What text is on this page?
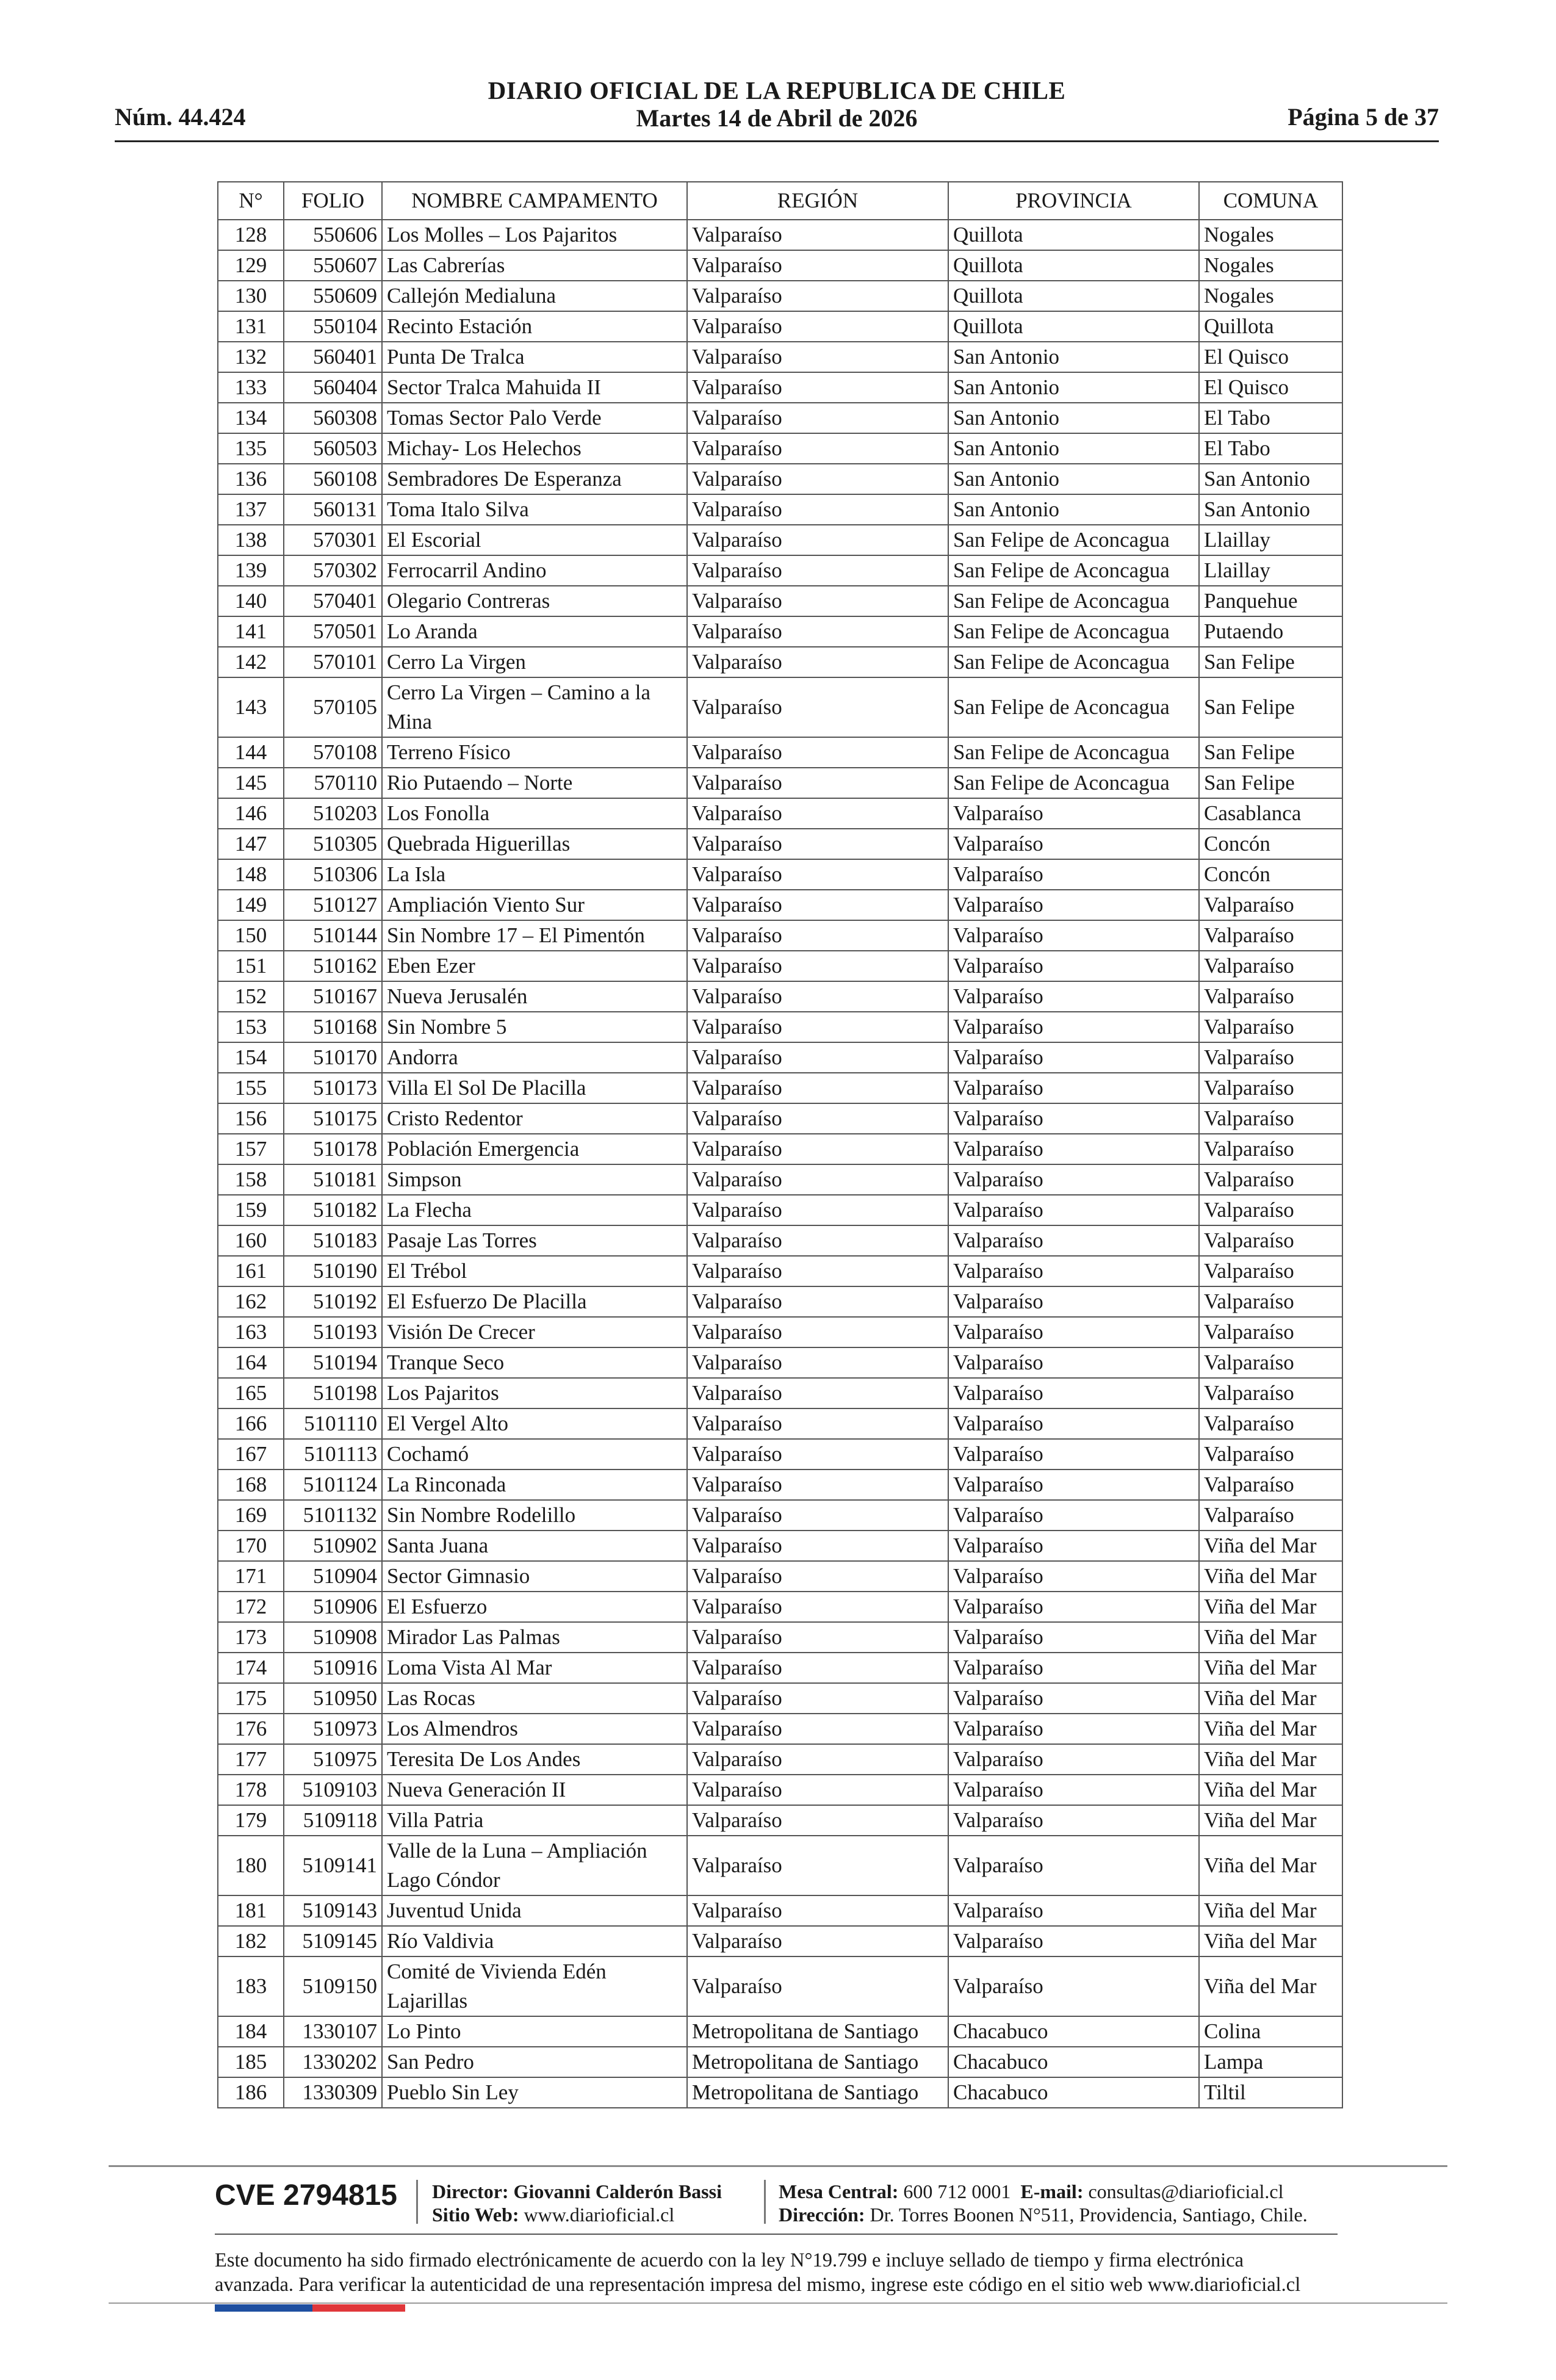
Núm. 44.424
DIARIO OFICIAL DE LA REPUBLICA DE CHILE
Martes 14 de Abril de 2026	Página 5 de 37
N°	FOLIO	NOMBRE CAMPAMENTO	REGIÓN	PROVINCIA	COMUNA
128	550606	Los Molles – Los Pajaritos	Valparaíso	Quillota	Nogales
129	550607	Las Cabrerías	Valparaíso	Quillota	Nogales
130	550609	Callejón Medialuna	Valparaíso	Quillota	Nogales
131	550104	Recinto Estación	Valparaíso	Quillota	Quillota
132	560401	Punta De Tralca	Valparaíso	San Antonio	El Quisco
133	560404	Sector Tralca Mahuida II	Valparaíso	San Antonio	El Quisco
134	560308	Tomas Sector Palo Verde	Valparaíso	San Antonio	El Tabo
135	560503	Michay- Los Helechos	Valparaíso	San Antonio	El Tabo
136	560108	Sembradores De Esperanza	Valparaíso	San Antonio	San Antonio
137	560131	Toma Italo Silva	Valparaíso	San Antonio	San Antonio
138	570301	El Escorial	Valparaíso	San Felipe de Aconcagua	Llaillay
139	570302	Ferrocarril Andino	Valparaíso	San Felipe de Aconcagua	Llaillay
140	570401	Olegario Contreras	Valparaíso	San Felipe de Aconcagua	Panquehue
141	570501	Lo Aranda	Valparaíso	San Felipe de Aconcagua	Putaendo
142	570101	Cerro La Virgen	Valparaíso	San Felipe de Aconcagua	San Felipe
143	570105	Cerro La Virgen – Camino a la Mina	Valparaíso	San Felipe de Aconcagua	San Felipe
144	570108	Terreno Físico	Valparaíso	San Felipe de Aconcagua	San Felipe
145	570110	Rio Putaendo – Norte	Valparaíso	San Felipe de Aconcagua	San Felipe
146	510203	Los Fonolla	Valparaíso	Valparaíso	Casablanca
147	510305	Quebrada Higuerillas	Valparaíso	Valparaíso	Concón
148	510306	La Isla	Valparaíso	Valparaíso	Concón
149	510127	Ampliación Viento Sur	Valparaíso	Valparaíso	Valparaíso
150	510144	Sin Nombre 17 – El Pimentón	Valparaíso	Valparaíso	Valparaíso
151	510162	Eben Ezer	Valparaíso	Valparaíso	Valparaíso
152	510167	Nueva Jerusalén	Valparaíso	Valparaíso	Valparaíso
153	510168	Sin Nombre 5	Valparaíso	Valparaíso	Valparaíso
154	510170	Andorra	Valparaíso	Valparaíso	Valparaíso
155	510173	Villa El Sol De Placilla	Valparaíso	Valparaíso	Valparaíso
156	510175	Cristo Redentor	Valparaíso	Valparaíso	Valparaíso
157	510178	Población Emergencia	Valparaíso	Valparaíso	Valparaíso
158	510181	Simpson	Valparaíso	Valparaíso	Valparaíso
159	510182	La Flecha	Valparaíso	Valparaíso	Valparaíso
160	510183	Pasaje Las Torres	Valparaíso	Valparaíso	Valparaíso
161	510190	El Trébol	Valparaíso	Valparaíso	Valparaíso
162	510192	El Esfuerzo De Placilla	Valparaíso	Valparaíso	Valparaíso
163	510193	Visión De Crecer	Valparaíso	Valparaíso	Valparaíso
164	510194	Tranque Seco	Valparaíso	Valparaíso	Valparaíso
165	510198	Los Pajaritos	Valparaíso	Valparaíso	Valparaíso
166	5101110	El Vergel Alto	Valparaíso	Valparaíso	Valparaíso
167	5101113	Cochamó	Valparaíso	Valparaíso	Valparaíso
168	5101124	La Rinconada	Valparaíso	Valparaíso	Valparaíso
169	5101132	Sin Nombre Rodelillo	Valparaíso	Valparaíso	Valparaíso
170	510902	Santa Juana	Valparaíso	Valparaíso	Viña del Mar
171	510904	Sector Gimnasio	Valparaíso	Valparaíso	Viña del Mar
172	510906	El Esfuerzo	Valparaíso	Valparaíso	Viña del Mar
173	510908	Mirador Las Palmas	Valparaíso	Valparaíso	Viña del Mar
174	510916	Loma Vista Al Mar	Valparaíso	Valparaíso	Viña del Mar
175	510950	Las Rocas	Valparaíso	Valparaíso	Viña del Mar
176	510973	Los Almendros	Valparaíso	Valparaíso	Viña del Mar
177	510975	Teresita De Los Andes	Valparaíso	Valparaíso	Viña del Mar
178	5109103	Nueva Generación II	Valparaíso	Valparaíso	Viña del Mar
179	5109118	Villa Patria	Valparaíso	Valparaíso	Viña del Mar
180	5109141	Valle de la Luna – Ampliación Lago Cóndor	Valparaíso	Valparaíso	Viña del Mar
181	5109143	Juventud Unida	Valparaíso	Valparaíso	Viña del Mar
182	5109145	Río Valdivia	Valparaíso	Valparaíso	Viña del Mar
183	5109150	Comité de Vivienda Edén Lajarillas	Valparaíso	Valparaíso	Viña del Mar
184	1330107	Lo Pinto	Metropolitana de Santiago	Chacabuco	Colina
185	1330202	San Pedro	Metropolitana de Santiago	Chacabuco	Lampa
186	1330309	Pueblo Sin Ley	Metropolitana de Santiago	Chacabuco	Tiltil
CVE 2794815 Director: Giovanni Calderón Bassi
Sitio Web: www.diarioficial.cl
Mesa Central: 600 712 0001 E-mail: consultas@diarioficial.cl
Dirección: Dr. Torres Boonen N°511, Providencia, Santiago, Chile.
Este documento ha sido firmado electrónicamente de acuerdo con la ley N°19.799 e incluye sellado de tiempo y firma electrónica
avanzada. Para verificar la autenticidad de una representación impresa del mismo, ingrese este código en el sitio web www.diarioficial.cl
